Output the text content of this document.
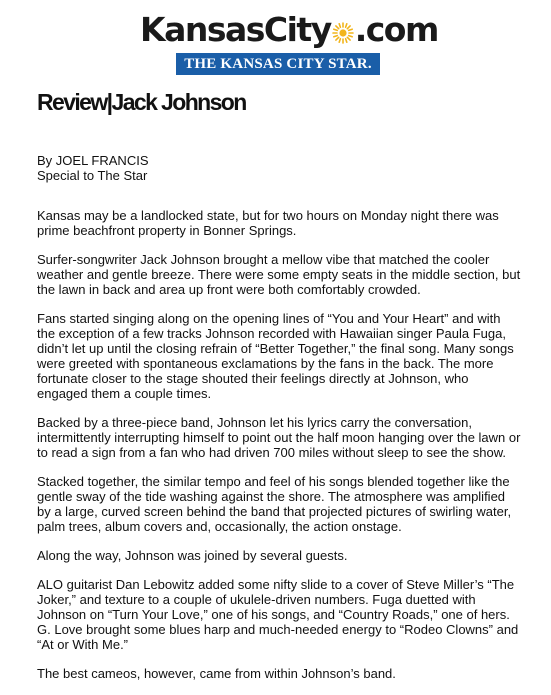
KansasCity .com
THE KANSAS CITY STAR.
Review|Jack Johnson
By JOEL FRANCIS
Special to The Star

Kansas may be a landlocked state, but for two hours on Monday night there was prime beachfront property in Bonner Springs.

Surfer-songwriter Jack Johnson brought a mellow vibe that matched the cooler weather and gentle breeze. There were some empty seats in the middle section, but the lawn in back and area up front were both comfortably crowded.

Fans started singing along on the opening lines of “You and Your Heart” and with the exception of a few tracks Johnson recorded with Hawaiian singer Paula Fuga, didn’t let up until the closing refrain of “Better Together,” the final song. Many songs were greeted with spontaneous exclamations by the fans in the back. The more fortunate closer to the stage shouted their feelings directly at Johnson, who engaged them a couple times.

Backed by a three-piece band, Johnson let his lyrics carry the conversation, intermittently interrupting himself to point out the half moon hanging over the lawn or to read a sign from a fan who had driven 700 miles without sleep to see the show.

Stacked together, the similar tempo and feel of his songs blended together like the gentle sway of the tide washing against the shore. The atmosphere was amplified by a large, curved screen behind the band that projected pictures of swirling water, palm trees, album covers and, occasionally, the action onstage.

Along the way, Johnson was joined by several guests.

ALO guitarist Dan Lebowitz added some nifty slide to a cover of Steve Miller’s “The Joker,” and texture to a couple of ukulele-driven numbers. Fuga duetted with Johnson on “Turn Your Love,” one of his songs, and “Country Roads,” one of hers. G. Love brought some blues harp and much-needed energy to “Rodeo Clowns” and “At or With Me.”

The best cameos, however, came from within Johnson’s band.
